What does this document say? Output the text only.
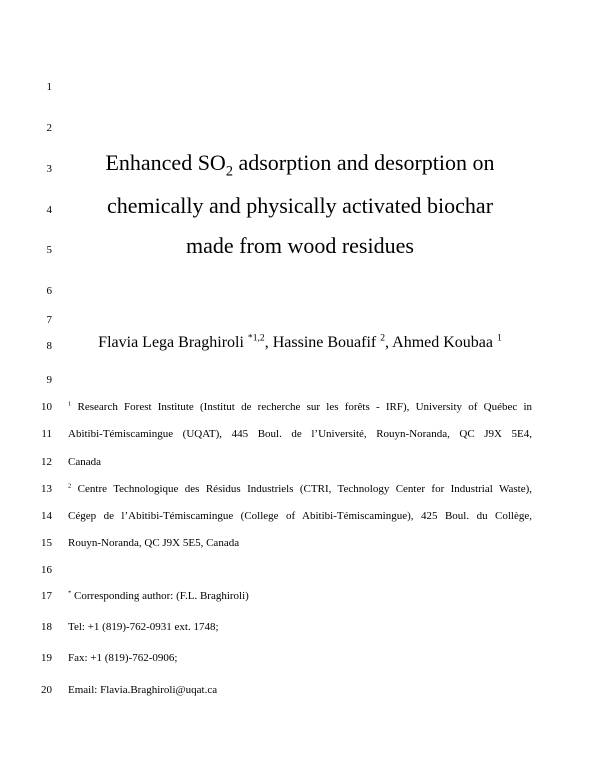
1
2
3
4
5
6
7
8
9
10
11
12
13
14
15
16
17
18
19
20
Enhanced $SO_2$ adsorption and desorption on
chemically and physically activated biochar
made from wood residues
Flavia Lega Braghiroli $^{*1,2}$, Hassine Bouafif $^2$, Ahmed Koubaa $^1$
$^1$ Research Forest Institute (Institut de recherche sur les forêts - IRF), University of Québec in
Abitibi-Témiscamingue (UQAT), 445 Boul. de l’Université, Rouyn-Noranda, QC J9X 5E4,
Canada
$^2$ Centre Technologique des Résidus Industriels (CTRI, Technology Center for Industrial Waste),
Cégep de l’Abitibi-Témiscamingue (College of Abitibi-Témiscamingue), 425 Boul. du Collège,
Rouyn-Noranda, QC J9X 5E5, Canada
* Corresponding author: (F.L. Braghiroli)
Tel: +1 (819)-762-0931 ext. 1748;
Fax: +1 (819)-762-0906;
Email: Flavia.Braghiroli@uqat.ca
